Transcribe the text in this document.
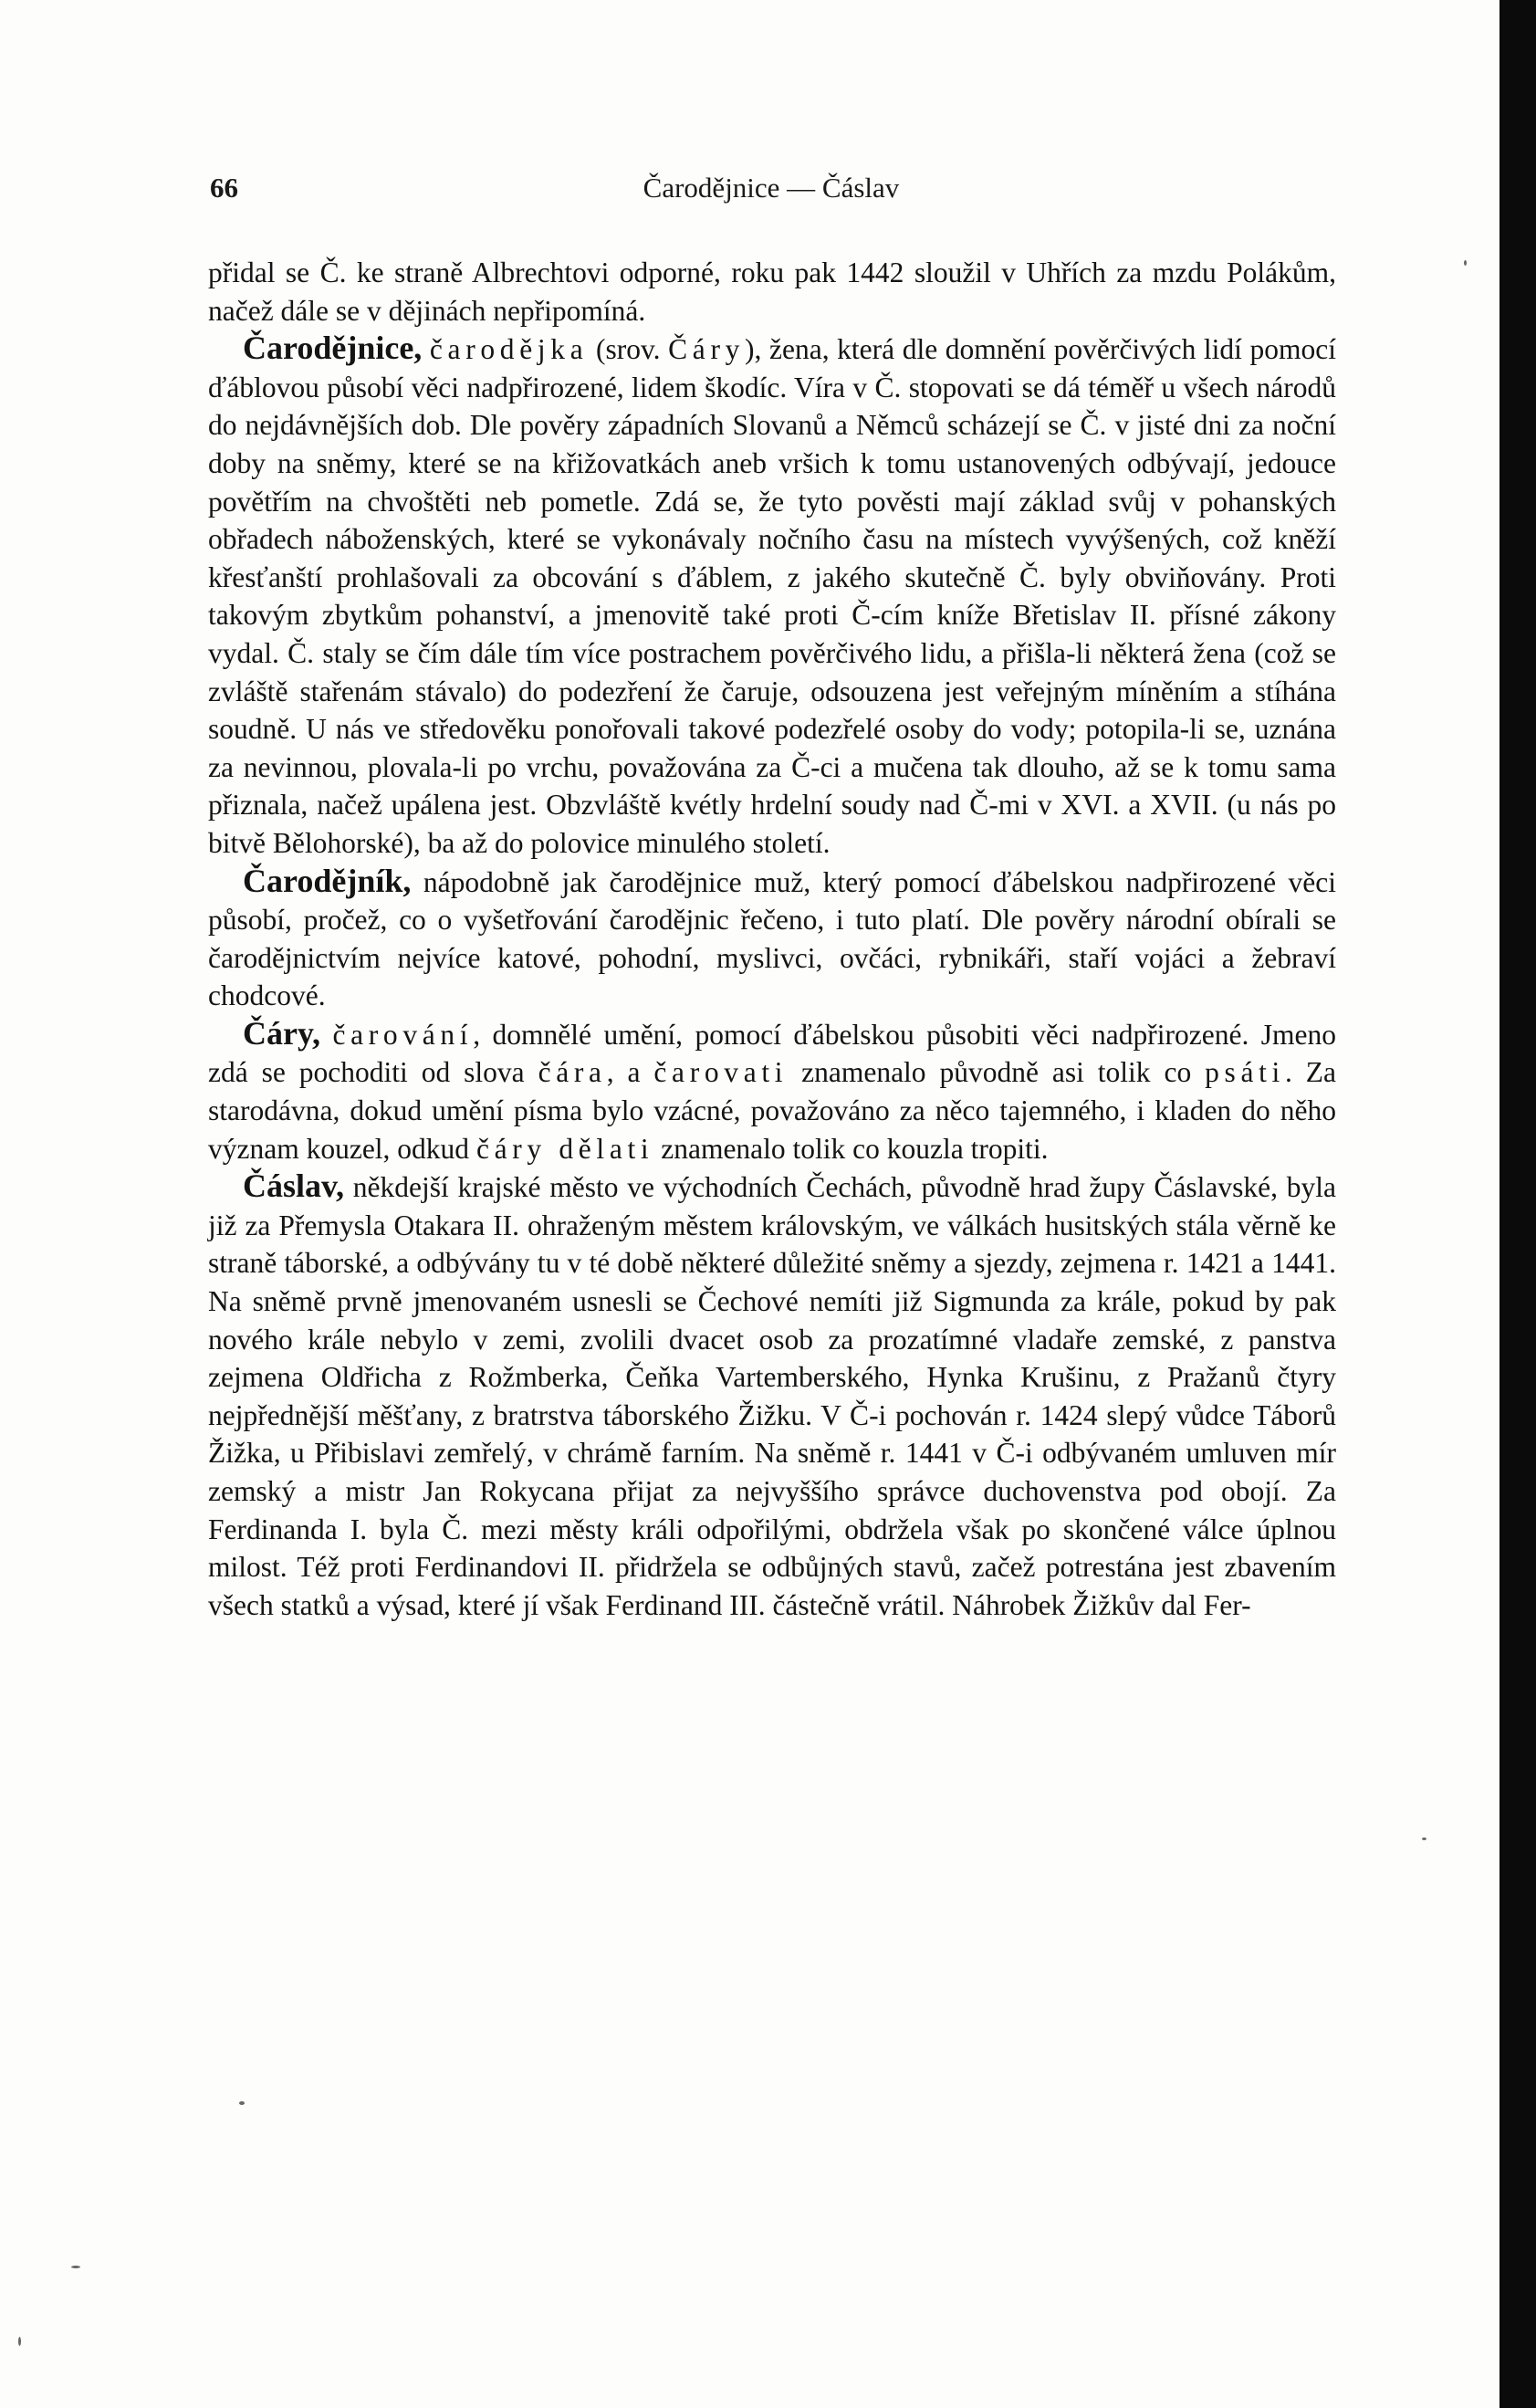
66	Čarodějnice — Čáslav

přidal se Č. ke straně Albrechtovi odporné, roku pak 1442 sloužil v Uhřích za mzdu Polákům, načež dále se v dějinách nepřipomíná.

Čarodějnice, čarodějka (srov. Čáry), žena, která dle domnění pověrčivých lidí pomocí ďáblovou působí věci nadpřirozené, lidem škodíc. Víra v Č. stopovati se dá téměř u všech národů do nejdávnějších dob. Dle pověry západních Slovanů a Němců scházejí se Č. v jisté dni za noční doby na sněmy, které se na křižovatkách aneb vršich k tomu ustanovených odbývají, jedouce povětřím na chvoštěti neb pometle. Zdá se, že tyto pověsti mají základ svůj v pohanských obřadech náboženských, které se vykonávaly nočního času na místech vyvýšených, což kněží křesťanští prohlašovali za obcování s ďáblem, z jakého skutečně Č. byly obviňovány. Proti takovým zbytkům pohanství, a jmenovitě také proti Č-cím kníže Břetislav II. přísné zákony vydal. Č. staly se čím dále tím více postrachem pověrčivého lidu, a přišla-li některá žena (což se zvláště stařenám stávalo) do podezření že čaruje, odsouzena jest veřejným míněním a stíhána soudně. U nás ve středověku ponořovali takové podezřelé osoby do vody; potopila-li se, uznána za nevinnou, plovala-li po vrchu, považována za Č-ci a mučena tak dlouho, až se k tomu sama přiznala, načež upálena jest. Obzvláště kvétly hrdelní soudy nad Č-mi v XVI. a XVII. (u nás po bitvě Bělohorské), ba až do polovice minulého století.

Čarodějník, nápodobně jak čarodějnice muž, který pomocí ďábelskou nadpřirozené věci působí, pročež, co o vyšetřování čarodějnic řečeno, i tuto platí. Dle pověry národní obírali se čarodějnictvím nejvíce katové, pohodní, myslivci, ovčáci, rybnikáři, staří vojáci a žebraví chodcové.

Čáry, čarování, domnělé umění, pomocí ďábelskou působiti věci nadpřirozené. Jmeno zdá se pochoditi od slova čára, a čarovati znamenalo původně asi tolik co psáti. Za starodávna, dokud umění písma bylo vzácné, považováno za něco tajemného, i kladen do něho význam kouzel, odkud čáry dělati znamenalo tolik co kouzla tropiti.

Čáslav, někdejší krajské město ve východních Čechách, původně hrad župy Čáslavské, byla již za Přemysla Otakara II. ohraženým městem královským, ve válkách husitských stála věrně ke straně táborské, a odbývány tu v té době některé důležité sněmy a sjezdy, zejmena r. 1421 a 1441. Na sněmě prvně jmenovaném usnesli se Čechové nemíti již Sigmunda za krále, pokud by pak nového krále nebylo v zemi, zvolili dvacet osob za prozatímné vladaře zemské, z panstva zejmena Oldřicha z Rožmberka, Čeňka Vartemberského, Hynka Krušinu, z Pražanů čtyry nejpřednější měšťany, z bratrstva táborského Žižku. V Č-i pochován r. 1424 slepý vůdce Táborů Žižka, u Přibislavi zemřelý, v chrámě farním. Na sněmě r. 1441 v Č-i odbývaném umluven mír zemský a mistr Jan Rokycana přijat za nejvyššího správce duchovenstva pod obojí. Za Ferdinanda I. byla Č. mezi městy králi odpořilými, obdržela však po skončené válce úplnou milost. Též proti Ferdinandovi II. přidržela se odbůjných stavů, začež potrestána jest zbavením všech statků a výsad, které jí však Ferdinand III. částečně vrátil. Náhrobek Žižkův dal Fer-
